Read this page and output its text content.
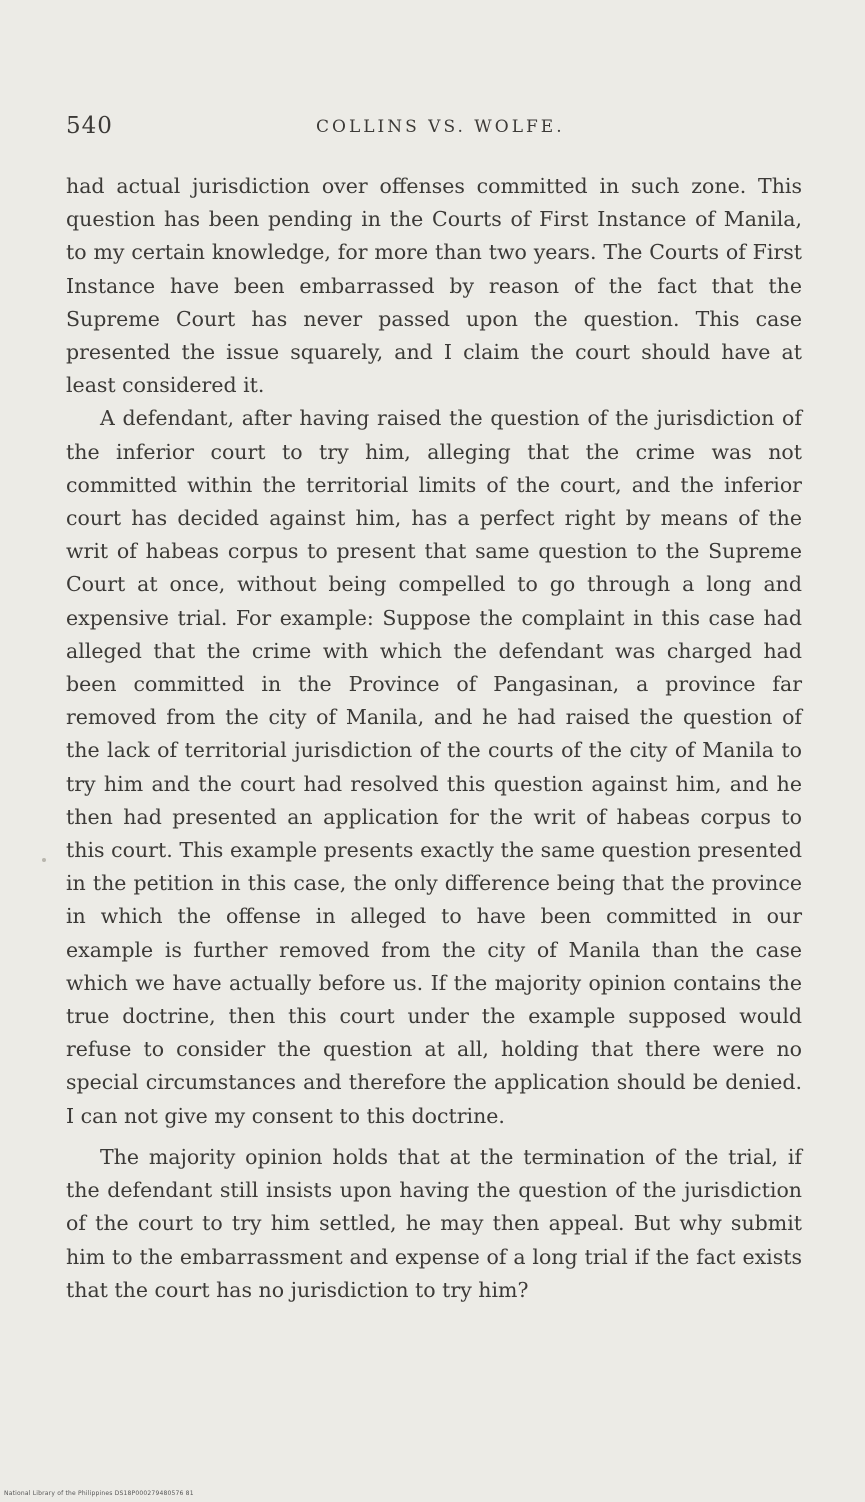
540	COLLINS VS. WOLFE.

had actual jurisdiction over offenses committed in such zone. This question has been pending in the Courts of First Instance of Manila, to my certain knowledge, for more than two years. The Courts of First Instance have been embarrassed by reason of the fact that the Supreme Court has never passed upon the question. This case presented the issue squarely, and I claim the court should have at least considered it.

A defendant, after having raised the question of the jurisdiction of the inferior court to try him, alleging that the crime was not committed within the territorial limits of the court, and the inferior court has decided against him, has a perfect right by means of the writ of habeas corpus to present that same question to the Supreme Court at once, without being compelled to go through a long and expensive trial. For example: Suppose the complaint in this case had alleged that the crime with which the defendant was charged had been committed in the Province of Pangasinan, a province far removed from the city of Manila, and he had raised the question of the lack of territorial jurisdiction of the courts of the city of Manila to try him and the court had resolved this question against him, and he then had presented an application for the writ of habeas corpus to this court. This example presents exactly the same question presented in the petition in this case, the only difference being that the province in which the offense in alleged to have been committed in our example is further removed from the city of Manila than the case which we have actually before us. If the majority opinion contains the true doctrine, then this court under the example supposed would refuse to consider the question at all, holding that there were no special circumstances and therefore the application should be denied. I can not give my consent to this doctrine.

The majority opinion holds that at the termination of the trial, if the defendant still insists upon having the question of the jurisdiction of the court to try him settled, he may then appeal. But why submit him to the embarrassment and expense of a long trial if the fact exists that the court has no jurisdiction to try him?

National Library of the Philippines DS18P000279480576 81
